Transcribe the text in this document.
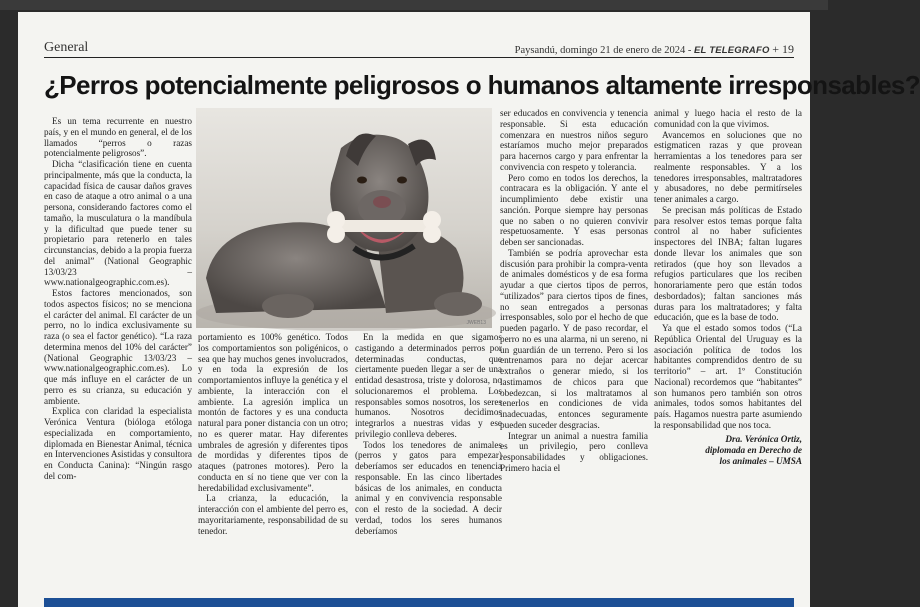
General	Paysandú, domingo 21 de enero de 2024 - EL TELEGRAFO + 19
¿Perros potencialmente peligrosos o humanos altamente irresponsables?

Es un tema recurrente en nuestro país, y en el mundo en general, el de los llamados “perros o razas potencialmente peligrosos”.

Dicha “clasificación tiene en cuenta principalmente, más que la conducta, la capacidad física de causar daños graves en caso de ataque a otro animal o a una persona, considerando factores como el tamaño, la musculatura o la mandíbula y la dificultad que puede tener su propietario para retenerlo en tales circunstancias, debido a la propia fuerza del animal” (National Geographic 13/03/23 – www.nationalgeographic.com.es).

Estos factores mencionados, son todos aspectos físicos; no se menciona el carácter del animal. El carácter de un perro, no lo indica exclusivamente su raza (o sea el factor genético). “La raza determina menos del 10% del carácter” (National Geographic 13/03/23 – www.nationalgeographic.com.es). Lo que más influye en el carácter de un perro es su crianza, su educación y ambiente.

Explica con claridad la especialista Verónica Ventura (bióloga etóloga especializada en comportamiento, diplomada en Bienestar Animal, técnica en Intervenciones Asistidas y consultora en Conducta Canina): “Ningún rasgo del com-

JWEB13

portamiento es 100% genético. Todos los comportamientos son poligénicos, o sea que hay muchos genes involucrados, y en toda la expresión de los comportamientos influye la genética y el ambiente, la interacción con el ambiente. La agresión implica un montón de factores y es una conducta natural para poner distancia con un otro; no es querer matar. Hay diferentes umbrales de agresión y diferentes tipos de mordidas y diferentes tipos de ataques (patrones motores). Pero la conducta en sí no tiene que ver con la heredabilidad exclusivamente”.

La crianza, la educación, la interacción con el ambiente del perro es, mayoritariamente, responsabilidad de su tenedor.

En la medida en que sigamos castigando a determinados perros por determinadas conductas, que ciertamente pueden llegar a ser de una entidad desastrosa, triste y dolorosa, no solucionaremos el problema. Los responsables somos nosotros, los seres humanos. Nosotros decidimos integrarlos a nuestras vidas y ese privilegio conlleva deberes.

Todos los tenedores de animales (perros y gatos para empezar) deberíamos ser educados en tenencia responsable. En las cinco libertades básicas de los animales, en conducta animal y en convivencia responsable con el resto de la sociedad. A decir verdad, todos los seres humanos deberíamos

ser educados en convivencia y tenencia responsable. Si esta educación comenzara en nuestros niños seguro estaríamos mucho mejor preparados para hacernos cargo y para enfrentar la convivencia con respeto y tolerancia.

Pero como en todos los derechos, la contracara es la obligación. Y ante el incumplimiento debe existir una sanción. Porque siempre hay personas que no saben o no quieren convivir respetuosamente. Y esas personas deben ser sancionadas.

También se podría aprovechar esta discusión para prohibir la compra-venta de animales domésticos y de esa forma ayudar a que ciertos tipos de perros, “utilizados” para ciertos tipos de fines, no sean entregados a personas irresponsables, solo por el hecho de que pueden pagarlo. Y de paso recordar, el perro no es una alarma, ni un sereno, ni un guardián de un terreno. Pero si los entrenamos para no dejar acercar extraños o generar miedo, si los lastimamos de chicos para que obedezcan, si los maltratamos al tenerlos en condiciones de vida inadecuadas, entonces seguramente pueden suceder desgracias.

Integrar un animal a nuestra familia es un privilegio, pero conlleva responsabilidades y obligaciones. Primero hacia el

animal y luego hacia el resto de la comunidad con la que vivimos.

Avancemos en soluciones que no estigmaticen razas y que provean herramientas a los tenedores para ser realmente responsables. Y a los tenedores irresponsables, maltratadores y abusadores, no debe permitírseles tener animales a cargo.

Se precisan más políticas de Estado para resolver estos temas porque falta control al no haber suficientes inspectores del INBA; faltan lugares donde llevar los animales que son retirados (que hoy son llevados a refugios particulares que los reciben honorariamente pero que están todos desbordados); faltan sanciones más duras para los maltratadores; y falta educación, que es la base de todo.

Ya que el estado somos todos (“La República Oriental del Uruguay es la asociación política de todos los habitantes comprendidos dentro de su territorio” – art. 1º Constitución Nacional) recordemos que “habitantes” son humanos pero también son otros animales, todos somos habitantes del país. Hagamos nuestra parte asumiendo la responsabilidad que nos toca.

Dra. Verónica Ortiz,
diplomada en Derecho de
los animales – UMSA
